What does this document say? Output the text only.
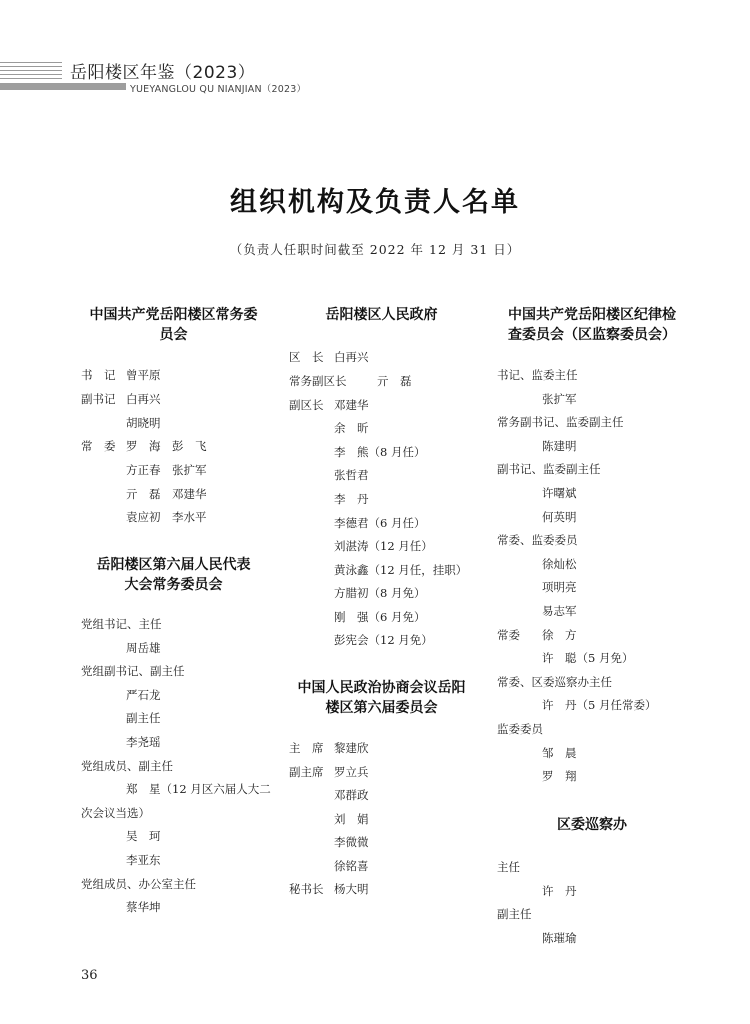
岳阳楼区年鉴（2023）
YUEYANGLOU QU NIANJIAN（2023）
组织机构及负责人名单
（负责人任职时间截至 2022 年 12 月 31 日）
中国共产党岳阳楼区常务委
员会
书　记 曾平原
副书记 白再兴
胡晓明
常　委 罗　海　彭　飞
方正春　张扩军
亓　磊　邓建华
袁应初　李水平
岳阳楼区第六届人民代表
大会常务委员会
党组书记、主任
周岳雄
党组副书记、副主任
严石龙
副主任
李尧瑶
党组成员、副主任
郑　星（12 月区六届人大二
次会议当选）
吴　珂
李亚东
党组成员、办公室主任
蔡华坤
岳阳楼区人民政府
区　长 白再兴
常务副区长	亓　磊
副区长 邓建华
余　昕
李　熊（8 月任）
张哲君
李　丹
李德君（6 月任）
刘湛涛（12 月任）
黄泳鑫（12 月任，挂职）
方腊初（8 月免）
刚　强（6 月免）
彭宪会（12 月免）
中国人民政治协商会议岳阳
楼区第六届委员会
主　席 黎建欣
副主席 罗立兵
邓群政
刘　娟
李微微
徐铭喜
秘书长 杨大明
中国共产党岳阳楼区纪律检
查委员会（区监察委员会）
书记、监委主任
张扩军
常务副书记、监委副主任
陈建明
副书记、监委副主任
许曙斌
何英明
常委、监委委员
徐灿松
项明亮
易志军
常委 徐　方
许　聪（5 月免）
常委、区委巡察办主任
许　丹（5 月任常委）
监委委员
邹　晨
罗　翔
区委巡察办
主任
许　丹
副主任
陈璀瑜
36
